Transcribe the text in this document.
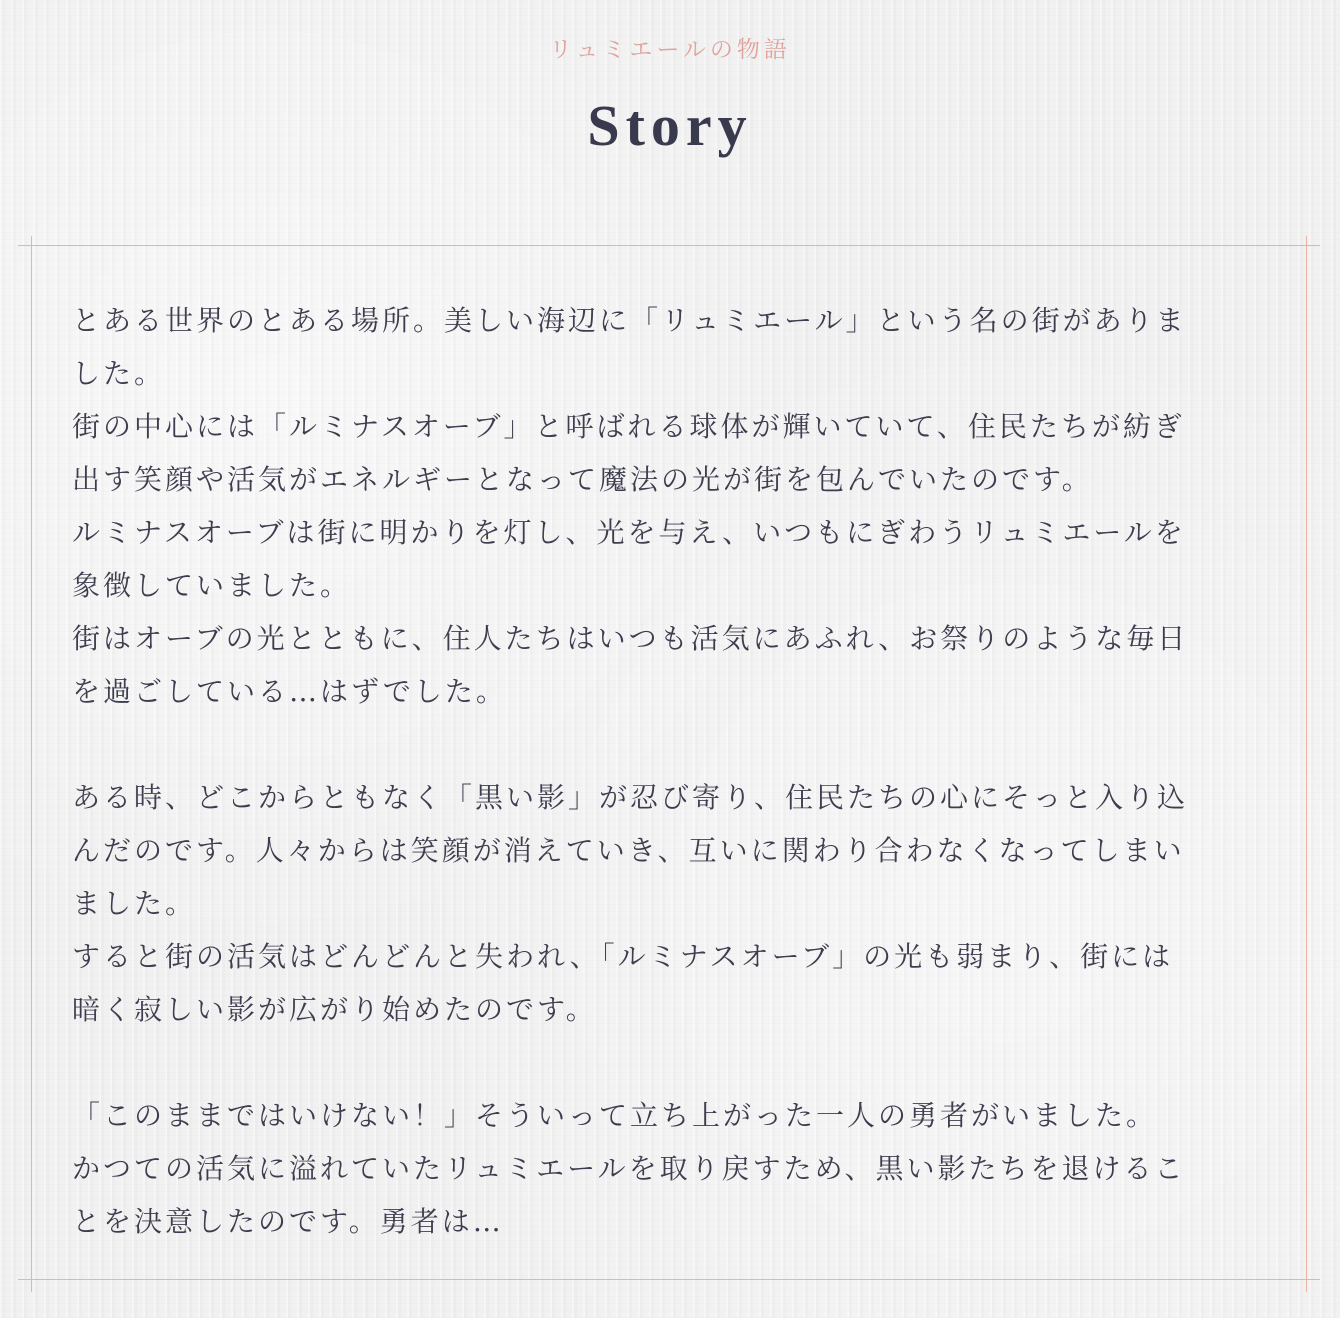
リュミエールの物語
Story

とある世界のとある場所。美しい海辺に「リュミエール」という名の街がありま
した。
街の中心には「ルミナスオーブ」と呼ばれる球体が輝いていて、住民たちが紡ぎ
出す笑顔や活気がエネルギーとなって魔法の光が街を包んでいたのです。
ルミナスオーブは街に明かりを灯し、光を与え、いつもにぎわうリュミエールを
象徴していました。
街はオーブの光とともに、住人たちはいつも活気にあふれ、お祭りのような毎日
を過ごしている…はずでした。

ある時、どこからともなく「黒い影」が忍び寄り、住民たちの心にそっと入り込
んだのです。人々からは笑顔が消えていき、互いに関わり合わなくなってしまい
ました。
すると街の活気はどんどんと失われ、「ルミナスオーブ」の光も弱まり、街には
暗く寂しい影が広がり始めたのです。

「このままではいけない！」そういって立ち上がった一人の勇者がいました。
かつての活気に溢れていたリュミエールを取り戻すため、黒い影たちを退けるこ
とを決意したのです。勇者は…
